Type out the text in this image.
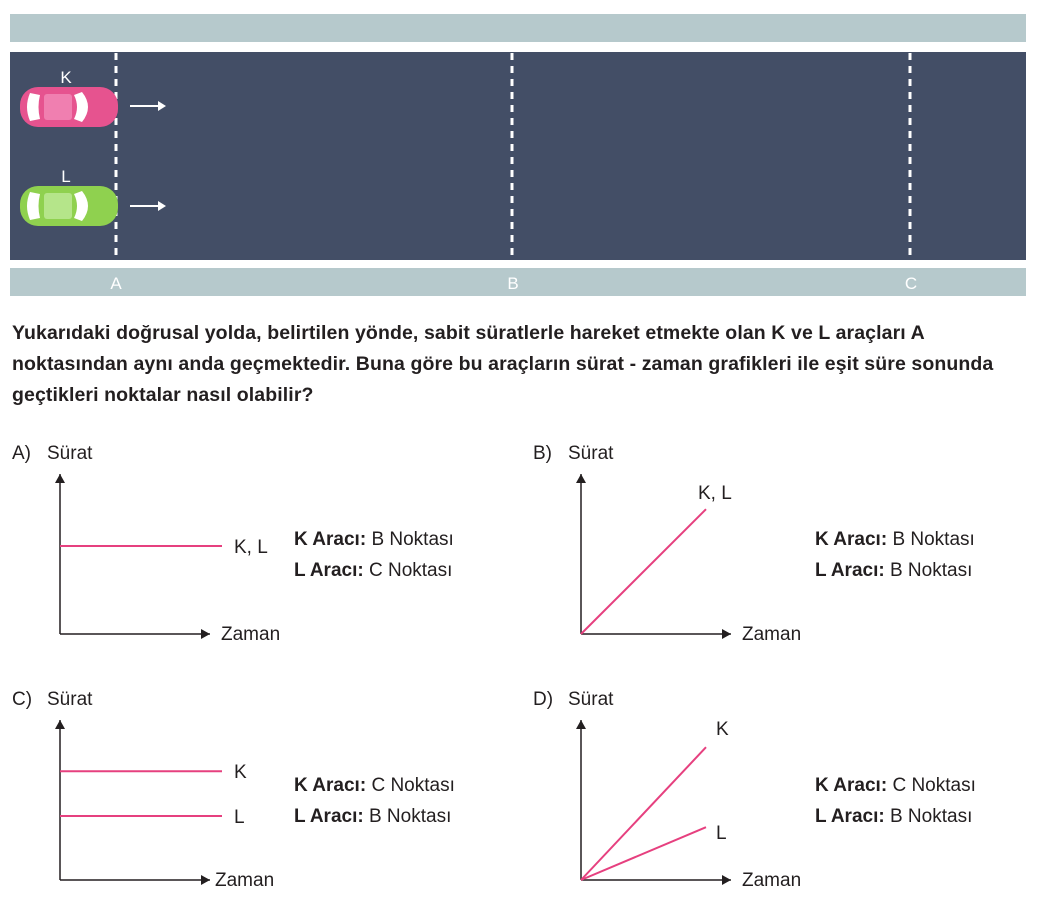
A	B	C
K
L
Yukarıdaki doğrusal yolda, belirtilen yönde, sabit süratlerle hareket etmekte olan K ve L araçları A noktasından aynı anda geçmektedir. Buna göre bu araçların sürat - zaman grafikleri ile eşit süre sonunda geçtikleri noktalar nasıl olabilir?
A) Sürat
K, L
Zaman
K Aracı: B Noktası
L Aracı: C Noktası
B) Sürat
K, L
Zaman
K Aracı: B Noktası
L Aracı: B Noktası
C) Sürat
K
L
Zaman
K Aracı: C Noktası
L Aracı: B Noktası
D) Sürat
K
L
Zaman
K Aracı: C Noktası
L Aracı: B Noktası
